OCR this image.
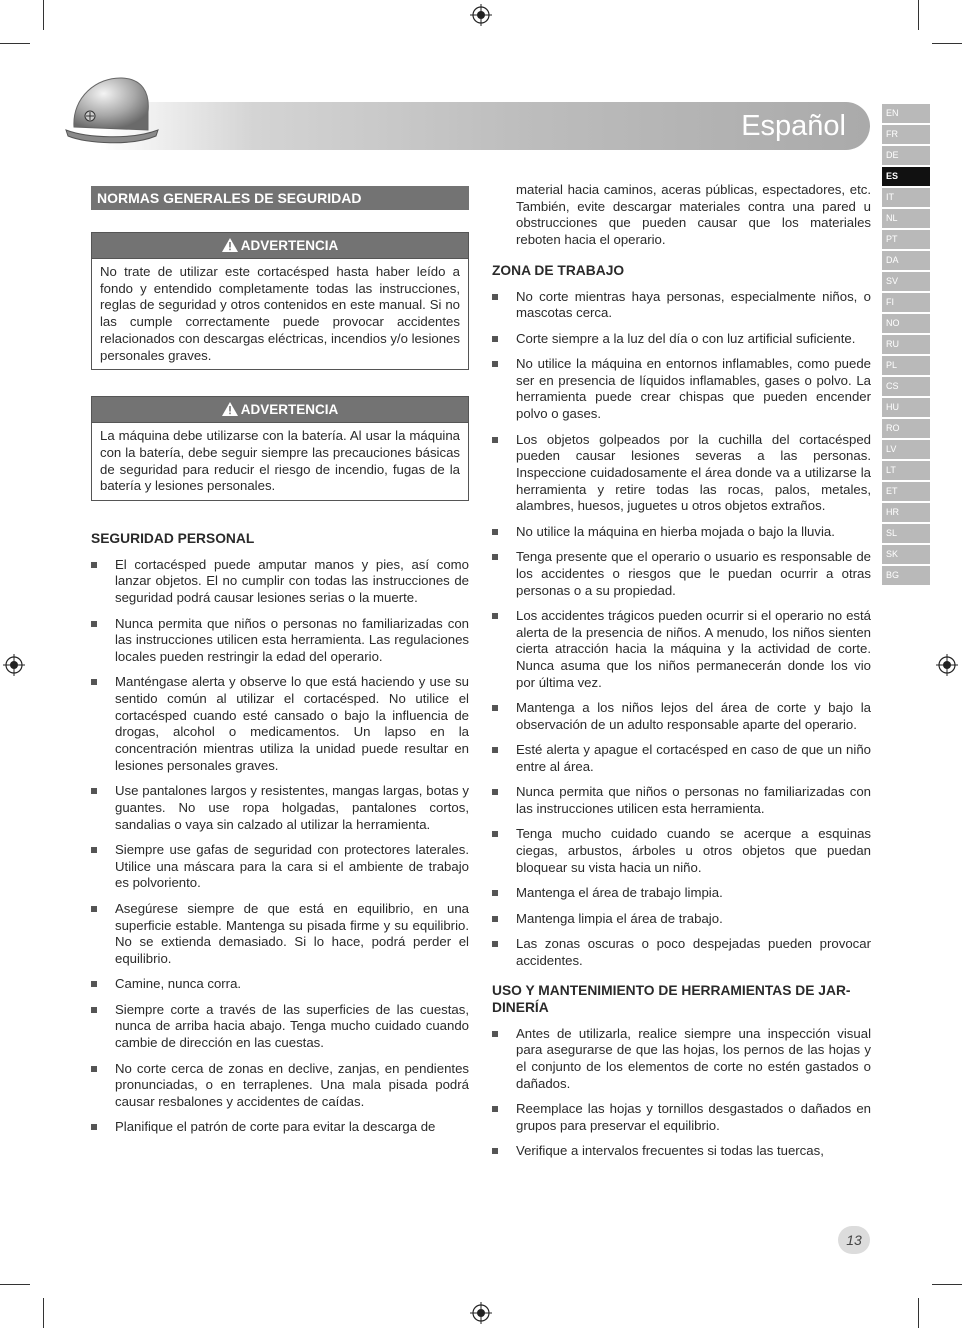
Español	EN
FR
DE
ES
IT
NL
PT
DA
SV
FI
NO
RU
PL
CS
HU
RO
LV
LT
ET
HR
SL
SK
BG
NORMAS GENERALES DE SEGURIDAD
ADVERTENCIA
No trate de utilizar este cortacésped hasta haber leído a fondo y entendido completamente todas las instrucciones, reglas de seguridad y otros contenidos en este manual. Si no las cumple correctamente puede provocar accidentes relacionados con descargas eléctricas, incendios y/o lesiones personales graves.
ADVERTENCIA
La máquina debe utilizarse con la batería. Al usar la máquina con la batería, debe seguir siempre las precauciones básicas de seguridad para reducir el riesgo de incendio, fugas de la batería y lesiones personales.
SEGURIDAD PERSONAL
El cortacésped puede amputar manos y pies, así como lanzar objetos. El no cumplir con todas las instrucciones de seguridad podrá causar lesiones serias o la muerte.
Nunca permita que niños o personas no familiarizadas con las instrucciones utilicen esta herramienta. Las regulaciones locales pueden restringir la edad del operario.
Manténgase alerta y observe lo que está haciendo y use su sentido común al utilizar el cortacésped. No utilice el cortacésped cuando esté cansado o bajo la influencia de drogas, alcohol o medicamentos. Un lapso en la concentración mientras utiliza la unidad puede resultar en lesiones personales graves.
Use pantalones largos y resistentes, mangas largas, botas y guantes. No use ropa holgadas, pantalones cortos, sandalias o vaya sin calzado al utilizar la herramienta.
Siempre use gafas de seguridad con protectores laterales. Utilice una máscara para la cara si el ambiente de trabajo es polvoriento.
Asegúrese siempre de que está en equilibrio, en una superficie estable. Mantenga su pisada firme y su equilibrio. No se extienda demasiado. Si lo hace, podrá perder el equilibrio.
Camine, nunca corra.
Siempre corte a través de las superficies de las cuestas, nunca de arriba hacia abajo. Tenga mucho cuidado cuando cambie de dirección en las cuestas.
No corte cerca de zonas en declive, zanjas, en pendientes pronunciadas, o en terraplenes. Una mala pisada podrá causar resbalones y accidentes de caídas.
Planifique el patrón de corte para evitar la descarga de
material hacia caminos, aceras públicas, espectadores, etc. También, evite descargar materiales contra una pared u obstrucciones que pueden causar que los materiales reboten hacia el operario.
ZONA DE TRABAJO
No corte mientras haya personas, especialmente niños, o mascotas cerca.
Corte siempre a la luz del día o con luz artificial suficiente.
No utilice la máquina en entornos inflamables, como puede ser en presencia de líquidos inflamables, gases o polvo. La herramienta puede crear chispas que pueden encender polvo o gases.
Los objetos golpeados por la cuchilla del cortacésped pueden causar lesiones severas a las personas. Inspeccione cuidadosamente el área donde va a utilizarse la herramienta y retire todas las rocas, palos, metales, alambres, huesos, juguetes u otros objetos extraños.
No utilice la máquina en hierba mojada o bajo la lluvia.
Tenga presente que el operario o usuario es responsable de los accidentes o riesgos que le puedan ocurrir a otras personas o a su propiedad.
Los accidentes trágicos pueden ocurrir si el operario no está alerta de la presencia de niños. A menudo, los niños sienten cierta atracción hacia la máquina y la actividad de corte. Nunca asuma que los niños permanecerán donde los vio por última vez.
Mantenga a los niños lejos del área de corte y bajo la observación de un adulto responsable aparte del operario.
Esté alerta y apague el cortacésped en caso de que un niño entre al área.
Nunca permita que niños o personas no familiarizadas con las instrucciones utilicen esta herramienta.
Tenga mucho cuidado cuando se acerque a esquinas ciegas, arbustos, árboles u otros objetos que puedan bloquear su vista hacia un niño.
Mantenga el área de trabajo limpia.
Mantenga limpia el área de trabajo.
Las zonas oscuras o poco despejadas pueden provocar accidentes.
USO Y MANTENIMIENTO DE HERRAMIENTAS DE JAR-DINERÍA
Antes de utilizarla, realice siempre una inspección visual para asegurarse de que las hojas, los pernos de las hojas y el conjunto de los elementos de corte no estén gastados o dañados.
Reemplace las hojas y tornillos desgastados o dañados en grupos para preservar el equilibrio.
Verifique a intervalos frecuentes si todas las tuercas,
13
